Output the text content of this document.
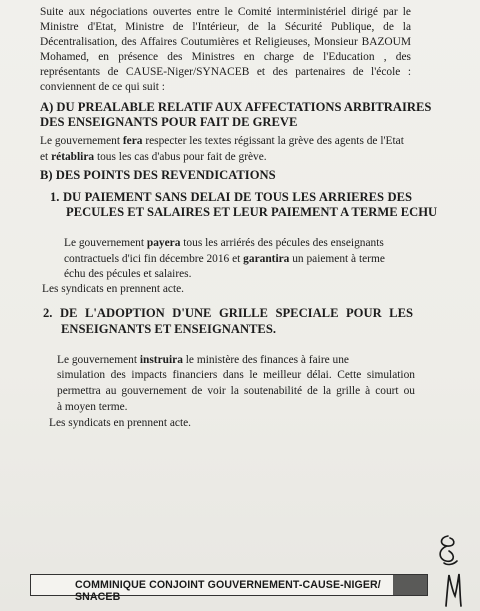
Suite aux négociations ouvertes entre le Comité interministériel dirigé par le
Ministre d'Etat, Ministre de l'Intérieur, de la Sécurité Publique, de la
Décentralisation, des Affaires Coutumières et Religieuses, Monsieur BAZOUM
Mohamed, en présence des Ministres en charge de l'Education , des
représentants de CAUSE-Niger/SYNACEB et des partenaires de l'école :
conviennent de ce qui suit :
A) DU PREALABLE RELATIF AUX AFFECTATIONS ARBITRAIRES
DES ENSEIGNANTS POUR FAIT DE GREVE
Le gouvernement fera respecter les textes régissant la grève des agents de l'Etat
et rétablira tous les cas d'abus pour fait de grève.
B) DES POINTS DES REVENDICATIONS
1. DU PAIEMENT SANS DELAI DE TOUS LES ARRIERES DES
PECULES ET SALAIRES ET LEUR PAIEMENT A TERME ECHU
Le gouvernement payera tous les arriérés des pécules des enseignants
contractuels d'ici fin décembre 2016 et garantira un paiement à terme
échu des pécules et salaires.
Les syndicats en prennent acte.
2. DE L'ADOPTION D'UNE GRILLE SPECIALE POUR LES
ENSEIGNANTS ET ENSEIGNANTES.
Le gouvernement instruira le ministère des finances à faire une
simulation des impacts financiers dans le meilleur délai. Cette simulation
permettra au gouvernement de voir la soutenabilité de la grille à court ou
à moyen terme.
Les syndicats en prennent acte.
COMMINIQUE CONJOINT GOUVERNEMENT-CAUSE-NIGER/ SNACEB
